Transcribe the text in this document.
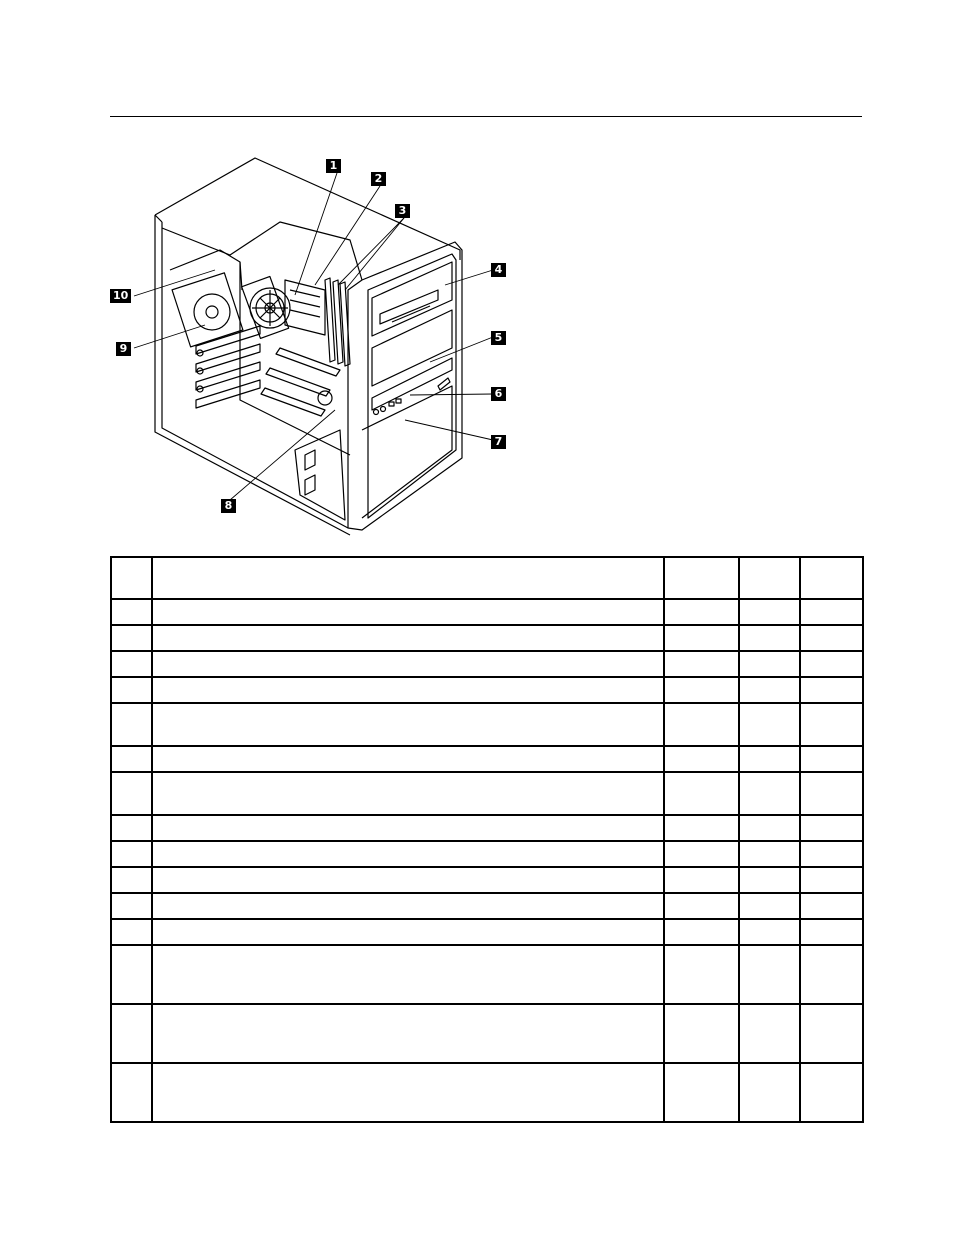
1
2
3
4
5
6
7
8
9
10
